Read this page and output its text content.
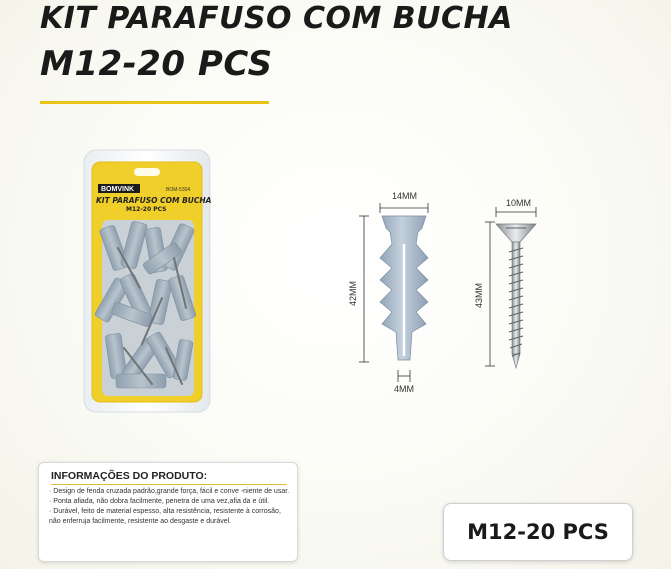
KIT PARAFUSO COM BUCHA
M12-20 PCS
BOMVINK	BOM-5304
KIT PARAFUSO COM BUCHA
M12-20 PCS
14MM
42MM
4MM
10MM
43MM
INFORMAÇÕES DO PRODUTO:

· Design de fenda cruzada padrão,grande força, fácil e conve -niente de usar.

· Ponta afiada, não dobra facilmente, penetra de uma vez,afia da e útil.

· Durável, feito de material espesso, alta resistência, resistente à corrosão, não enferruja facilmente, resistente ao desgaste e durável.	M12-20 PCS
